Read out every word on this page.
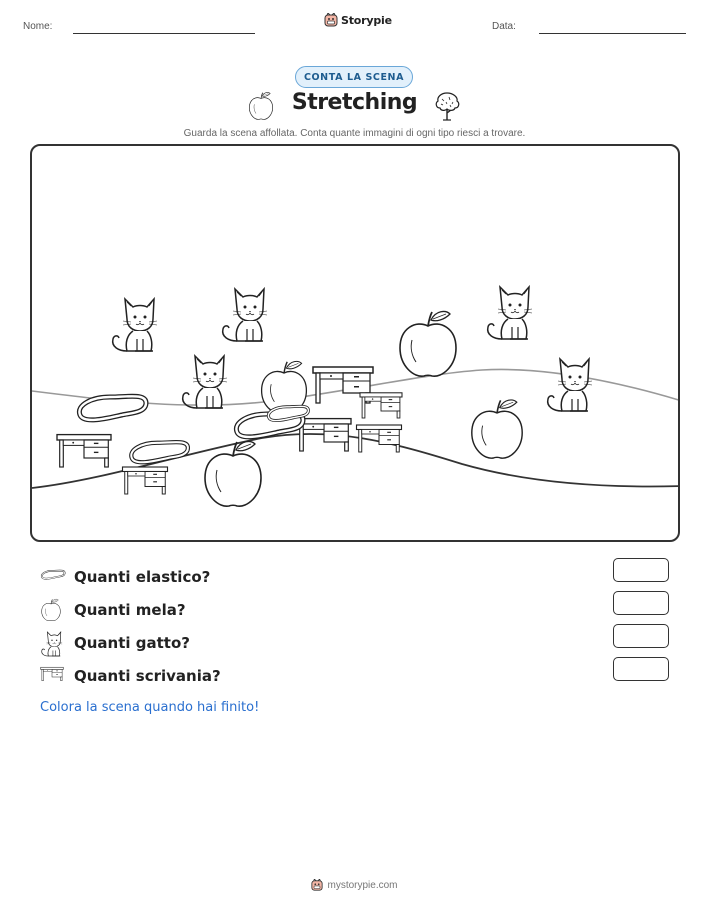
Nome:	Storypie	Data:
CONTA LA SCENA
Stretching
Guarda la scena affollata. Conta quante immagini di ogni tipo riesci a trovare.
Quanti elastico?
Quanti mela?
Quanti gatto?
Quanti scrivania?
Colora la scena quando hai finito!
mystorypie.com
